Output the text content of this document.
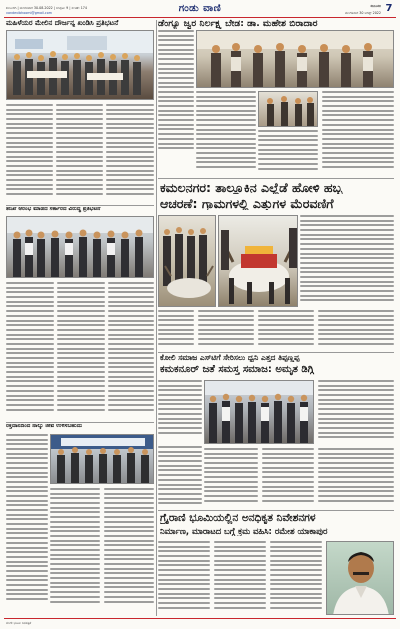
ಕಲಬುರಗಿ | ಮಂಗಳವಾರ 30.08.2022 | ಸಂಪುಟ: 9 | ಸಂಚಿಕೆ: 174
vandevibhoomi@gmail.com	ಗಂಡು ವಾಣಿ	ಕಲಬುರಗಿ
ಮಂಗಳವಾರ 30 ಆಗಸ್ಟ್ 2022 7
ಮಹಿಳೆಯರ ಮೇಲಿನ ದೌರ್ಜನ್ಯ ಖಂಡಿಸಿ ಪ್ರತಿಭಟನೆ	ಡೆಂಗ್ಯೂ ಜ್ವರ ನಿರ್ಲಕ್ಷ್ಯ ಬೇಡ: ಡಾ. ಮಹೇಶ ಬಿರಾದಾರ
ತನಿಖೆ ಆರಂಭ ಮಾಡದ ಸರ್ಕಾರದ ವಿರುದ್ಧ ಪ್ರತಿಭಟನೆ
ರಕ್ತದಾನದಿಂದ ನಾಲ್ಕು ಜೀವ ಉಳಿಸಬಹುದು
ಕಮಲನಗರ: ತಾಲ್ಲೂಕಿನ ಎಲ್ಲೆಡೆ ಹೋಳಿ ಹಬ್ಬ
ಆಚರಣೆ: ಗ್ರಾಮಗಳಲ್ಲಿ ಎತ್ತುಗಳ ಮೆರವಣಿಗೆ
ಕೋಲಿ ಸಮಾಜ ಎಸ್‌ಟಿಗೆ ಸೇರಿಸಲು ಧ್ವನಿ ಎತ್ತದ ತಿಪ್ಪಣ್ಣಪ್ಪ
ಕಮಕನೂರ್ ಜತೆ ಸಮಸ್ತ ಸಮಾಜ: ಅಮೃತ ಡಿಗ್ಗಿ
ಗ್ರೈರಾಣಿ ಭೂಮಿಯಲ್ಲಿನ ಅನಧಿಕೃತ ನಿವೇಶನಗಳ
ನಿರ್ಮಾಣ, ಮಾರಾಟದ ಬಗ್ಗೆ ಕ್ರಮ ವಹಿಸಿ: ರಮೇಶ ಯಾಕಾಪುರ
ವಂದೇ ಭೂಮಿ ದಿನಪತ್ರಿಕೆ
